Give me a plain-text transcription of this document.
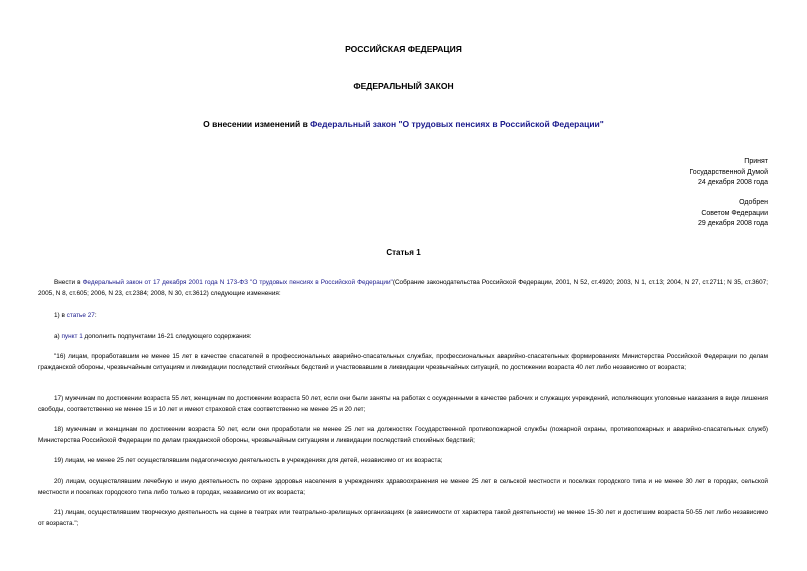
РОССИЙСКАЯ ФЕДЕРАЦИЯ
ФЕДЕРАЛЬНЫЙ ЗАКОН
О внесении изменений в Федеральный закон "О трудовых пенсиях в Российской Федерации"
Принят
Государственной Думой
24 декабря 2008 года
Одобрен
Советом Федерации
29 декабря 2008 года
Статья 1
Внести в Федеральный закон от 17 декабря 2001 года N 173-ФЗ "О трудовых пенсиях в Российской Федерации"(Собрание законодательства Российской Федерации, 2001, N 52, ст.4920; 2003, N 1, ст.13; 2004, N 27, ст.2711; N 35, ст.3607; 2005, N 8, ст.605; 2006, N 23, ст.2384; 2008, N 30, ст.3612) следующие изменения:
1) в статье 27:
а) пункт 1 дополнить подпунктами 16-21 следующего содержания:
"16) лицам, проработавшим не менее 15 лет в качестве спасателей в профессиональных аварийно-спасательных службах, профессиональных аварийно-спасательных формированиях Министерства Российской Федерации по делам гражданской обороны, чрезвычайным ситуациям и ликвидации последствий стихийных бедствий и участвовавшим в ликвидации чрезвычайных ситуаций, по достижении возраста 40 лет либо независимо от возраста;
17) мужчинам по достижении возраста 55 лет, женщинам по достижении возраста 50 лет, если они были заняты на работах с осужденными в качестве рабочих и служащих учреждений, исполняющих уголовные наказания в виде лишения свободы, соответственно не менее 15 и 10 лет и имеют страховой стаж соответственно не менее 25 и 20 лет;
18) мужчинам и женщинам по достижении возраста 50 лет, если они проработали не менее 25 лет на должностях Государственной противопожарной службы (пожарной охраны, противопожарных и аварийно-спасательных служб) Министерства Российской Федерации по делам гражданской обороны, чрезвычайным ситуациям и ликвидации последствий стихийных бедствий;
19) лицам, не менее 25 лет осуществлявшим педагогическую деятельность в учреждениях для детей, независимо от их возраста;
20) лицам, осуществлявшим лечебную и иную деятельность по охране здоровья населения в учреждениях здравоохранения не менее 25 лет в сельской местности и поселках городского типа и не менее 30 лет в городах, сельской местности и поселках городского типа либо только в городах, независимо от их возраста;
21) лицам, осуществлявшим творческую деятельность на сцене в театрах или театрально-зрелищных организациях (в зависимости от характера такой деятельности) не менее 15-30 лет и достигшим возраста 50-55 лет либо независимо от возраста.";
